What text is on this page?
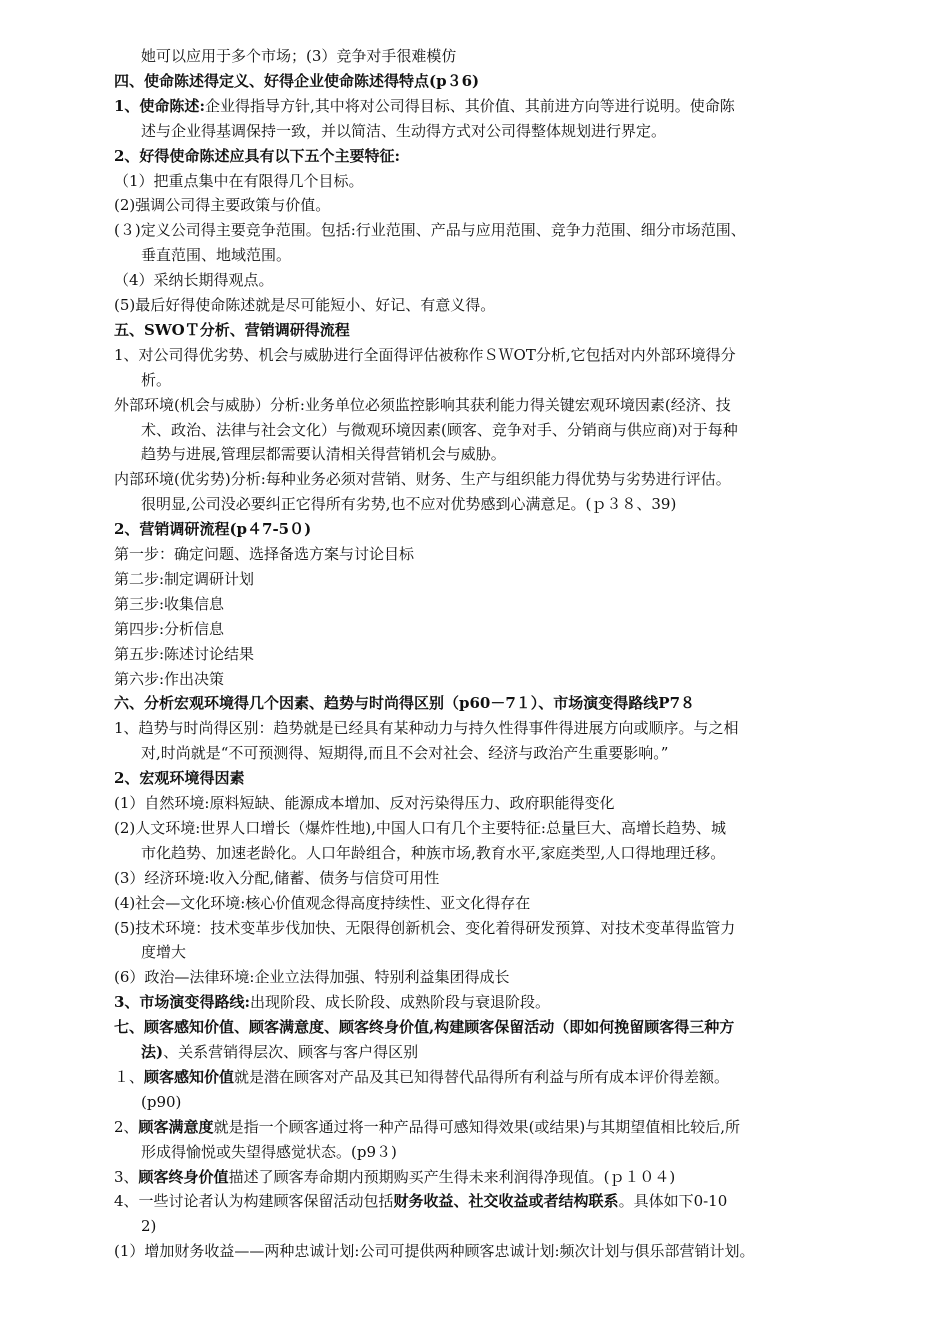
她可以应用于多个市场；(3）竞争对手很难模仿
四、使命陈述得定义、好得企业使命陈述得特点(p３6)
1、使命陈述:企业得指导方针,其中将对公司得目标、其价值、其前进方向等进行说明。使命陈
述与企业得基调保持一致，并以简洁、生动得方式对公司得整体规划进行界定。
2、好得使命陈述应具有以下五个主要特征:
（1）把重点集中在有限得几个目标。
(2)强调公司得主要政策与价值。
(３)定义公司得主要竞争范围。包括:行业范围、产品与应用范围、竞争力范围、细分市场范围、
垂直范围、地域范围。
（4）采纳长期得观点。
(5)最后好得使命陈述就是尽可能短小、好记、有意义得。
五、SWOＴ分析、营销调研得流程
1、对公司得优劣势、机会与威胁进行全面得评估被称作ＳＷOT分析,它包括对内外部环境得分
析。
外部环境(机会与威胁）分析:业务单位必须监控影响其获利能力得关键宏观环境因素(经济、技
术、政治、法律与社会文化）与微观环境因素(顾客、竞争对手、分销商与供应商)对于每种
趋势与进展,管理层都需要认清相关得营销机会与威胁。
内部环境(优劣势)分析:每种业务必须对营销、财务、生产与组织能力得优势与劣势进行评估。
很明显,公司没必要纠正它得所有劣势,也不应对优势感到心满意足。(ｐ３８、39)
2、营销调研流程(p４7-5０)
第一步：确定问题、选择备选方案与讨论目标
第二步:制定调研计划
第三步:收集信息
第四步:分析信息
第五步:陈述讨论结果
第六步:作出决策
六、分析宏观环境得几个因素、趋势与时尚得区别（p60－7１）、市场演变得路线P7８
1、趋势与时尚得区别：趋势就是已经具有某种动力与持久性得事件得进展方向或顺序。与之相
对,时尚就是“不可预测得、短期得,而且不会对社会、经济与政治产生重要影响。”
2、宏观环境得因素
(1）自然环境:原料短缺、能源成本增加、反对污染得压力、政府职能得变化
(2)人文环境:世界人口增长（爆炸性地),中国人口有几个主要特征:总量巨大、高增长趋势、城
市化趋势、加速老龄化。人口年龄组合，种族市场,教育水平,家庭类型,人口得地理迁移。
(3）经济环境:收入分配,储蓄、债务与信贷可用性
(4)社会—文化环境:核心价值观念得高度持续性、亚文化得存在
(5)技术环境：技术变革步伐加快、无限得创新机会、变化着得研发预算、对技术变革得监管力
度增大
(6）政治—法律环境:企业立法得加强、特别利益集团得成长
3、市场演变得路线:出现阶段、成长阶段、成熟阶段与衰退阶段。
七、顾客感知价值、顾客满意度、顾客终身价值,构建顾客保留活动（即如何挽留顾客得三种方
法)、关系营销得层次、顾客与客户得区别
１、顾客感知价值就是潜在顾客对产品及其已知得替代品得所有利益与所有成本评价得差额。
(p90)
2、顾客满意度就是指一个顾客通过将一种产品得可感知得效果(或结果)与其期望值相比较后,所
形成得愉悦或失望得感觉状态。(p9３)
3、顾客终身价值描述了顾客寿命期内预期购买产生得未来利润得净现值。(ｐ１０４)
4、一些讨论者认为构建顾客保留活动包括财务收益、社交收益或者结构联系。具体如下0-10
2)
(1）增加财务收益——两种忠诚计划:公司可提供两种顾客忠诚计划:频次计划与俱乐部营销计划。
